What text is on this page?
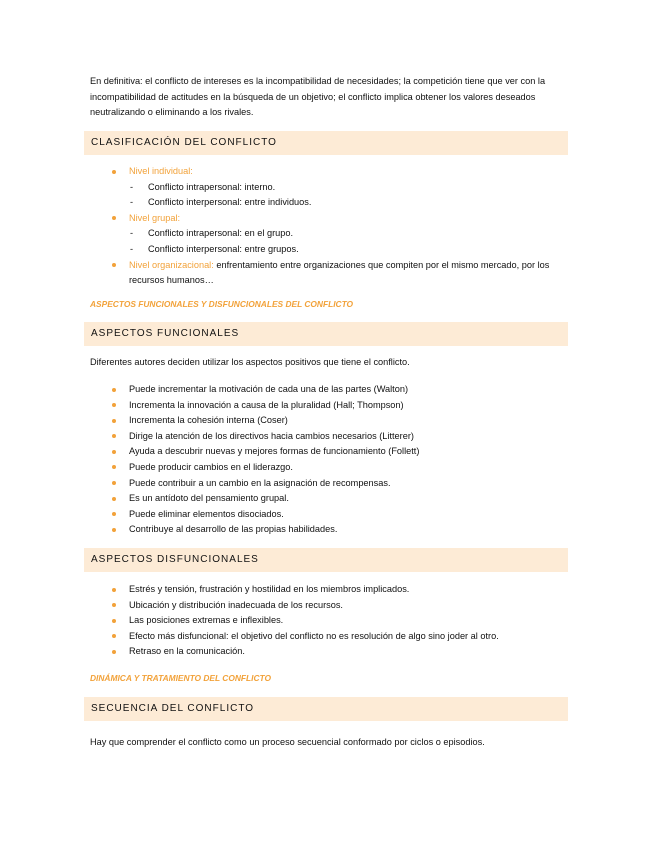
En definitiva: el conflicto de intereses es la incompatibilidad de necesidades; la competición tiene que ver con la incompatibilidad de actitudes en la búsqueda de un objetivo; el conflicto implica obtener los valores deseados neutralizando o eliminando a los rivales.
CLASIFICACIÓN DEL CONFLICTO
Nivel individual:
- Conflicto intrapersonal: interno.
- Conflicto interpersonal: entre individuos.
Nivel grupal:
- Conflicto intrapersonal: en el grupo.
- Conflicto interpersonal: entre grupos.
Nivel organizacional: enfrentamiento entre organizaciones que compiten por el mismo mercado, por los recursos humanos…
ASPECTOS FUNCIONALES Y DISFUNCIONALES DEL CONFLICTO
ASPECTOS FUNCIONALES
Diferentes autores deciden utilizar los aspectos positivos que tiene el conflicto.
Puede incrementar la motivación de cada una de las partes (Walton)
Incrementa la innovación a causa de la pluralidad (Hall; Thompson)
Incrementa la cohesión interna (Coser)
Dirige la atención de los directivos hacia cambios necesarios (Litterer)
Ayuda a descubrir nuevas y mejores formas de funcionamiento (Follett)
Puede producir cambios en el liderazgo.
Puede contribuir a un cambio en la asignación de recompensas.
Es un antídoto del pensamiento grupal.
Puede eliminar elementos disociados.
Contribuye al desarrollo de las propias habilidades.
ASPECTOS DISFUNCIONALES
Estrés y tensión, frustración y hostilidad en los miembros implicados.
Ubicación y distribución inadecuada de los recursos.
Las posiciones extremas e inflexibles.
Efecto más disfuncional: el objetivo del conflicto no es resolución de algo sino joder al otro.
Retraso en la comunicación.
DINÁMICA Y TRATAMIENTO DEL CONFLICTO
SECUENCIA DEL CONFLICTO
Hay que comprender el conflicto como un proceso secuencial conformado por ciclos o episodios.
